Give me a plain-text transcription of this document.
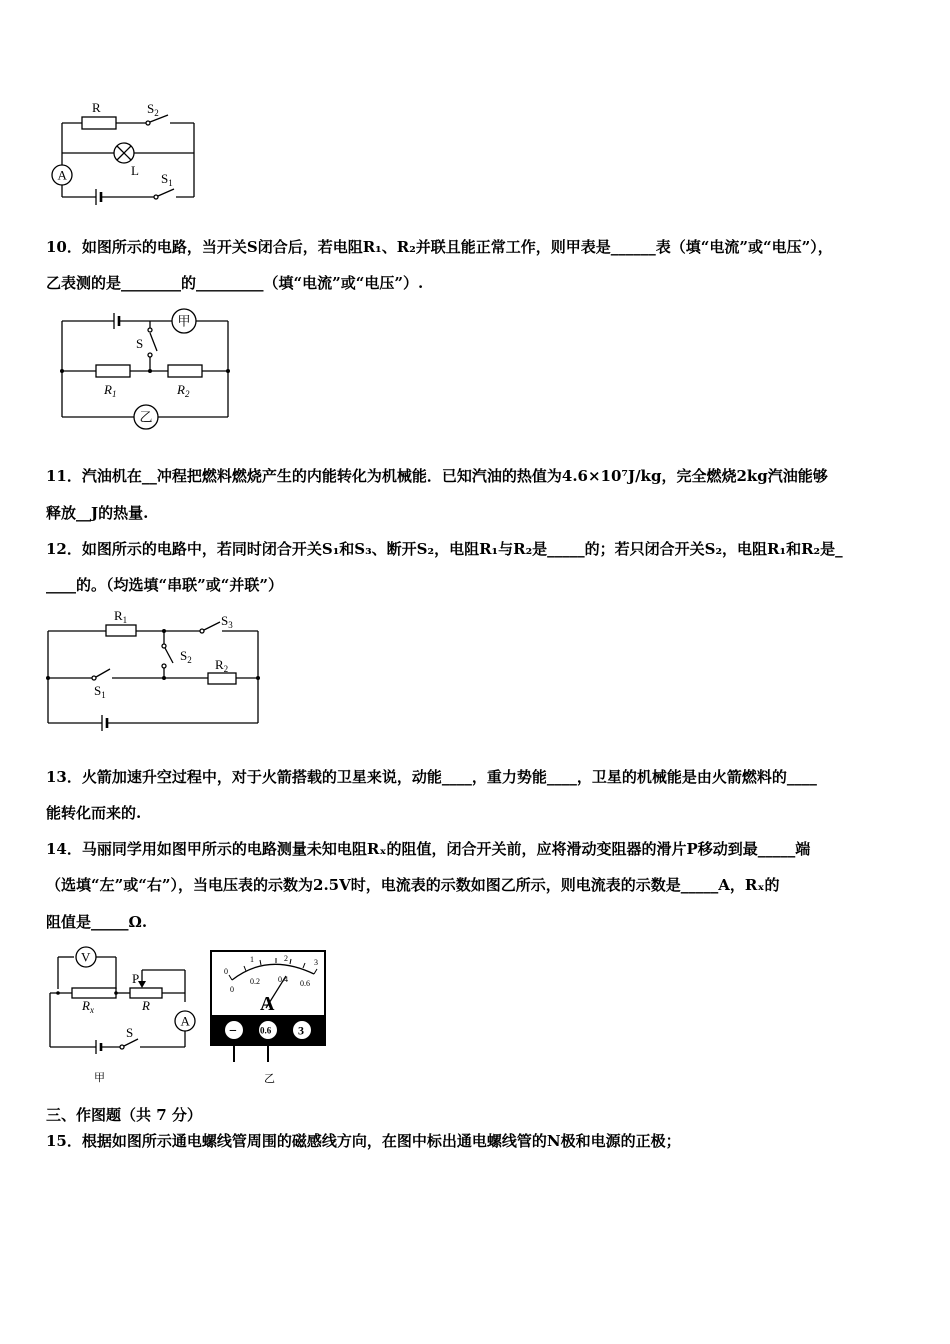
A
R	$S_2$
L
$S_1$
10．如图所示的电路，当开关S闭合后，若电阻R₁、R₂并联且能正常工作，则甲表是______表（填“电流”或“电压”），
乙表测的是________的_________（填“电流”或“电压”）.
甲
S
$R_1$	$R_2$
乙
11．汽油机在__冲程把燃料燃烧产生的内能转化为机械能．已知汽油的热值为4.6×10⁷J/kg，完全燃烧2kg汽油能够
释放__J的热量.
12．如图所示的电路中，若同时闭合开关S₁和S₃、断开S₂，电阻R₁与R₂是_____的；若只闭合开关S₂，电阻R₁和R₂是_
____的。（均选填“串联”或“并联”）
$R_1$	$S_3$
$S_2$ $R_2$
$S_1$
13．火箭加速升空过程中，对于火箭搭载的卫星来说，动能____，重力势能____，卫星的机械能是由火箭燃料的____
能转化而来的.
14．马丽同学用如图甲所示的电路测量未知电阻Rₓ的阻值，闭合开关前，应将滑动变阻器的滑片P移动到最_____端
（选填“左”或“右”），当电压表的示数为2.5V时，电流表的示数如图乙所示，则电流表的示数是_____A，Rₓ的
阻值是_____Ω.
V
P
$R_x$	R
A
S
甲
0
1	2	3
0
0.2 0.4 0.6
A
−	0.6 3
乙
三、作图题（共 7 分）
15．根据如图所示通电螺线管周围的磁感线方向，在图中标出通电螺线管的N极和电源的正极；
